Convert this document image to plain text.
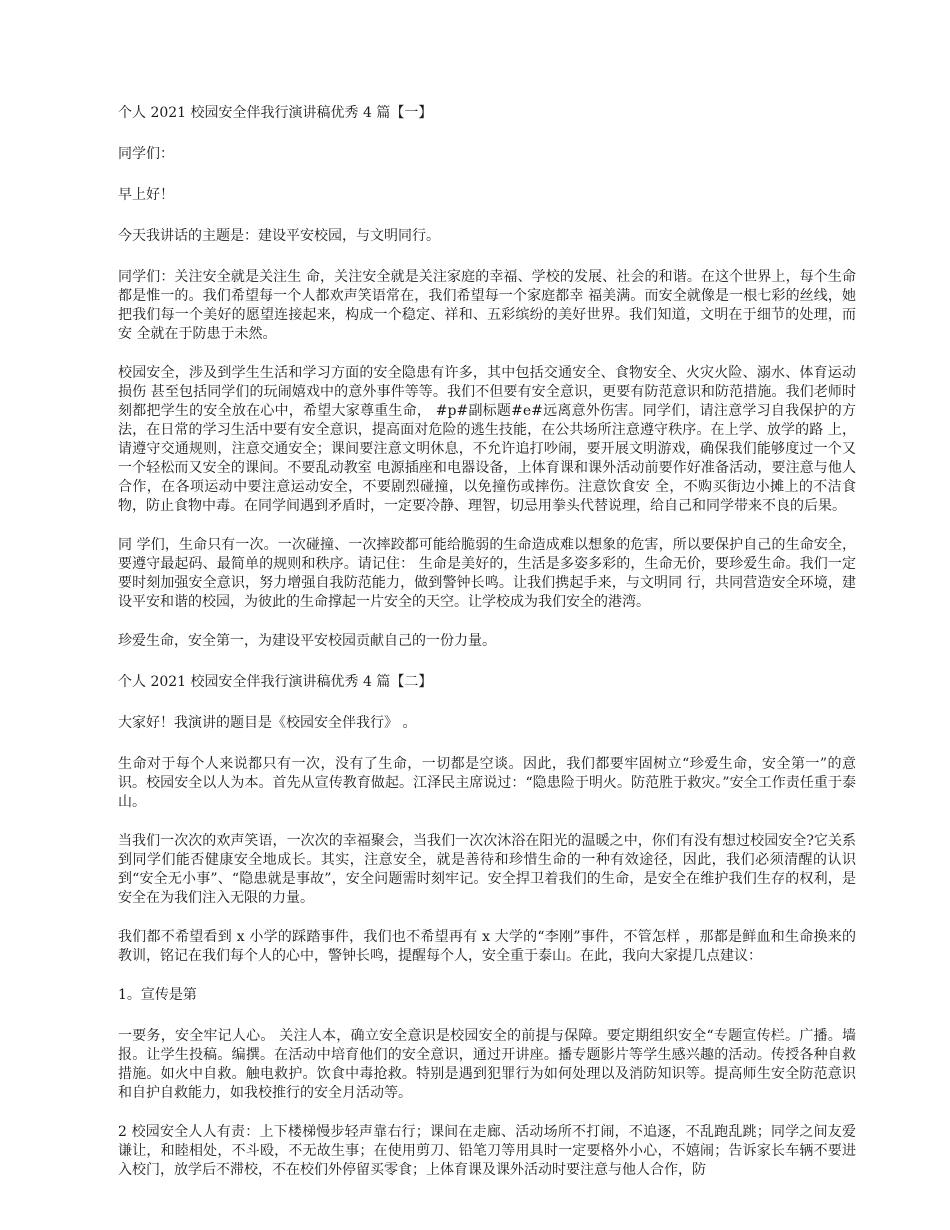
个人 2021 校园安全伴我行演讲稿优秀 4 篇【一】

同学们：

早上好！

今天我讲话的主题是：建设平安校园，与文明同行。

同学们：关注安全就是关注生 命，关注安全就是关注家庭的幸福、学校的发展、社会的和谐。在这个世界上，每个生命都是惟一的。我们希望每一个人都欢声笑语常在，我们希望每一个家庭都幸 福美满。而安全就像是一根七彩的丝线，她把我们每一个美好的愿望连接起来，构成一个稳定、祥和、五彩缤纷的美好世界。我们知道，文明在于细节的处理，而安 全就在于防患于未然。

校园安全，涉及到学生生活和学习方面的安全隐患有许多，其中包括交通安全、食物安全、火灾火险、溺水、体育运动损伤 甚至包括同学们的玩闹嬉戏中的意外事件等等。我们不但要有安全意识，更要有防范意识和防范措施。我们老师时刻都把学生的安全放在心中，希望大家尊重生命， #p#副标题#e#远离意外伤害。同学们，请注意学习自我保护的方法，在日常的学习生活中要有安全意识，提高面对危险的逃生技能，在公共场所注意遵守秩序。在上学、放学的路 上，请遵守交通规则，注意交通安全；课间要注意文明休息，不允许追打吵闹，要开展文明游戏，确保我们能够度过一个又一个轻松而又安全的课间。不要乱动教室 电源插座和电器设备，上体育课和课外活动前要作好准备活动，要注意与他人合作，在各项运动中要注意运动安全，不要剧烈碰撞，以免撞伤或摔伤。注意饮食安 全，不购买街边小摊上的不洁食物，防止食物中毒。在同学间遇到矛盾时，一定要冷静、理智，切忌用拳头代替说理，给自己和同学带来不良的后果。

同 学们，生命只有一次。一次碰撞、一次摔跤都可能给脆弱的生命造成难以想象的危害，所以要保护自己的生命安全，要遵守最起码、最简单的规则和秩序。请记住： 生命是美好的，生活是多姿多彩的，生命无价，要珍爱生命。我们一定要时刻加强安全意识，努力增强自我防范能力，做到警钟长鸣。让我们携起手来，与文明同 行，共同营造安全环境，建设平安和谐的校园，为彼此的生命撑起一片安全的天空。让学校成为我们安全的港湾。

珍爱生命，安全第一，为建设平安校园贡献自己的一份力量。

个人 2021 校园安全伴我行演讲稿优秀 4 篇【二】

大家好！我演讲的题目是《校园安全伴我行》 。

生命对于每个人来说都只有一次，没有了生命，一切都是空谈。因此，我们都要牢固树立“珍爱生命，安全第一”的意识。校园安全以人为本。首先从宣传教育做起。江泽民主席说过：“隐患险于明火。防范胜于救灾。”安全工作责任重于泰山。

当我们一次次的欢声笑语，一次次的幸福聚会，当我们一次次沐浴在阳光的温暖之中，你们有没有想过校园安全?它关系到同学们能否健康安全地成长。其实，注意安全，就是善待和珍惜生命的一种有效途径，因此，我们必须清醒的认识到“安全无小事”、“隐患就是事故”，安全问题需时刻牢记。安全捍卫着我们的生命，是安全在维护我们生存的权利，是安全在为我们注入无限的力量。

我们都不希望看到 x 小学的踩踏事件，我们也不希望再有 x 大学的“李刚”事件，不管怎样 ，那都是鲜血和生命换来的教训，铭记在我们每个人的心中，警钟长鸣，提醒每个人，安全重于泰山。在此，我向大家提几点建议：

1。宣传是第

一要务，安全牢记人心。 关注人本，确立安全意识是校园安全的前提与保障。要定期组织安全“专题宣传栏。广播。墙报。让学生投稿。编撰。在活动中培育他们的安全意识，通过开讲座。播专题影片等学生感兴趣的活动。传授各种自救措施。如火中自救。触电救护。饮食中毒抢救。特别是遇到犯罪行为如何处理以及消防知识等。提高师生安全防范意识和自护自救能力，如我校推行的安全月活动等。

2 校园安全人人有责：上下楼梯慢步轻声靠右行；课间在走廊、活动场所不打闹，不追逐，不乱跑乱跳；同学之间友爱谦让，和睦相处，不斗殴，不无故生事；在使用剪刀、铅笔刀等用具时一定要格外小心，不嬉闹；告诉家长车辆不要进入校门，放学后不滞校，不在校们外停留买零食；上体育课及课外活动时要注意与他人合作，防
